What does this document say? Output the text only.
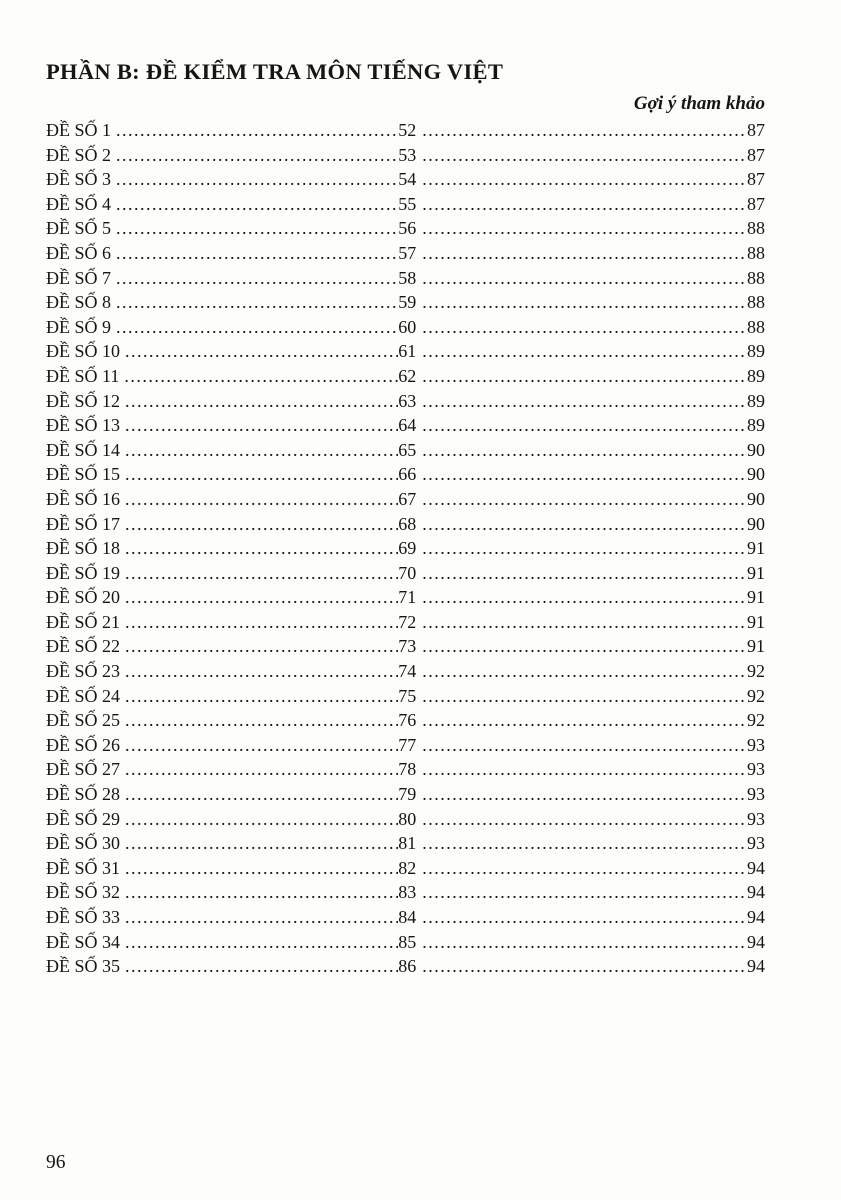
PHẦN B: ĐỀ KIỂM TRA MÔN TIẾNG VIỆT
Gợi ý tham khảo
ĐỀ SỐ 1 .....	52 .....	87
ĐỀ SỐ 2 .....	53 .....	87
ĐỀ SỐ 3 .....	54 .....	87
ĐỀ SỐ 4 .....	55 .....	87
ĐỀ SỐ 5 .....	56 .....	88
ĐỀ SỐ 6 .....	57 .....	88
ĐỀ SỐ 7 .....	58 .....	88
ĐỀ SỐ 8 .....	59 .....	88
ĐỀ SỐ 9 .....	60 .....	88
ĐỀ SỐ 10 .....	61 .....	89
ĐỀ SỐ 11 .....	62 .....	89
ĐỀ SỐ 12 .....	63 .....	89
ĐỀ SỐ 13 .....	64 .....	89
ĐỀ SỐ 14 .....	65 .....	90
ĐỀ SỐ 15 .....	66 .....	90
ĐỀ SỐ 16 .....	67 .....	90
ĐỀ SỐ 17 .....	68 .....	90
ĐỀ SỐ 18 .....	69 .....	91
ĐỀ SỐ 19 .....	70 .....	91
ĐỀ SỐ 20 .....	71 .....	91
ĐỀ SỐ 21 .....	72 .....	91
ĐỀ SỐ 22 .....	73 .....	91
ĐỀ SỐ 23 .....	74 .....	92
ĐỀ SỐ 24 .....	75 .....	92
ĐỀ SỐ 25 .....	76 .....	92
ĐỀ SỐ 26 .....	77 .....	93
ĐỀ SỐ 27 .....	78 .....	93
ĐỀ SỐ 28 .....	79 .....	93
ĐỀ SỐ 29 .....	80 .....	93
ĐỀ SỐ 30 .....	81 .....	93
ĐỀ SỐ 31 .....	82 .....	94
ĐỀ SỐ 32 .....	83 .....	94
ĐỀ SỐ 33 .....	84 .....	94
ĐỀ SỐ 34 .....	85 .....	94
ĐỀ SỐ 35 .....	86 .....	94
96
